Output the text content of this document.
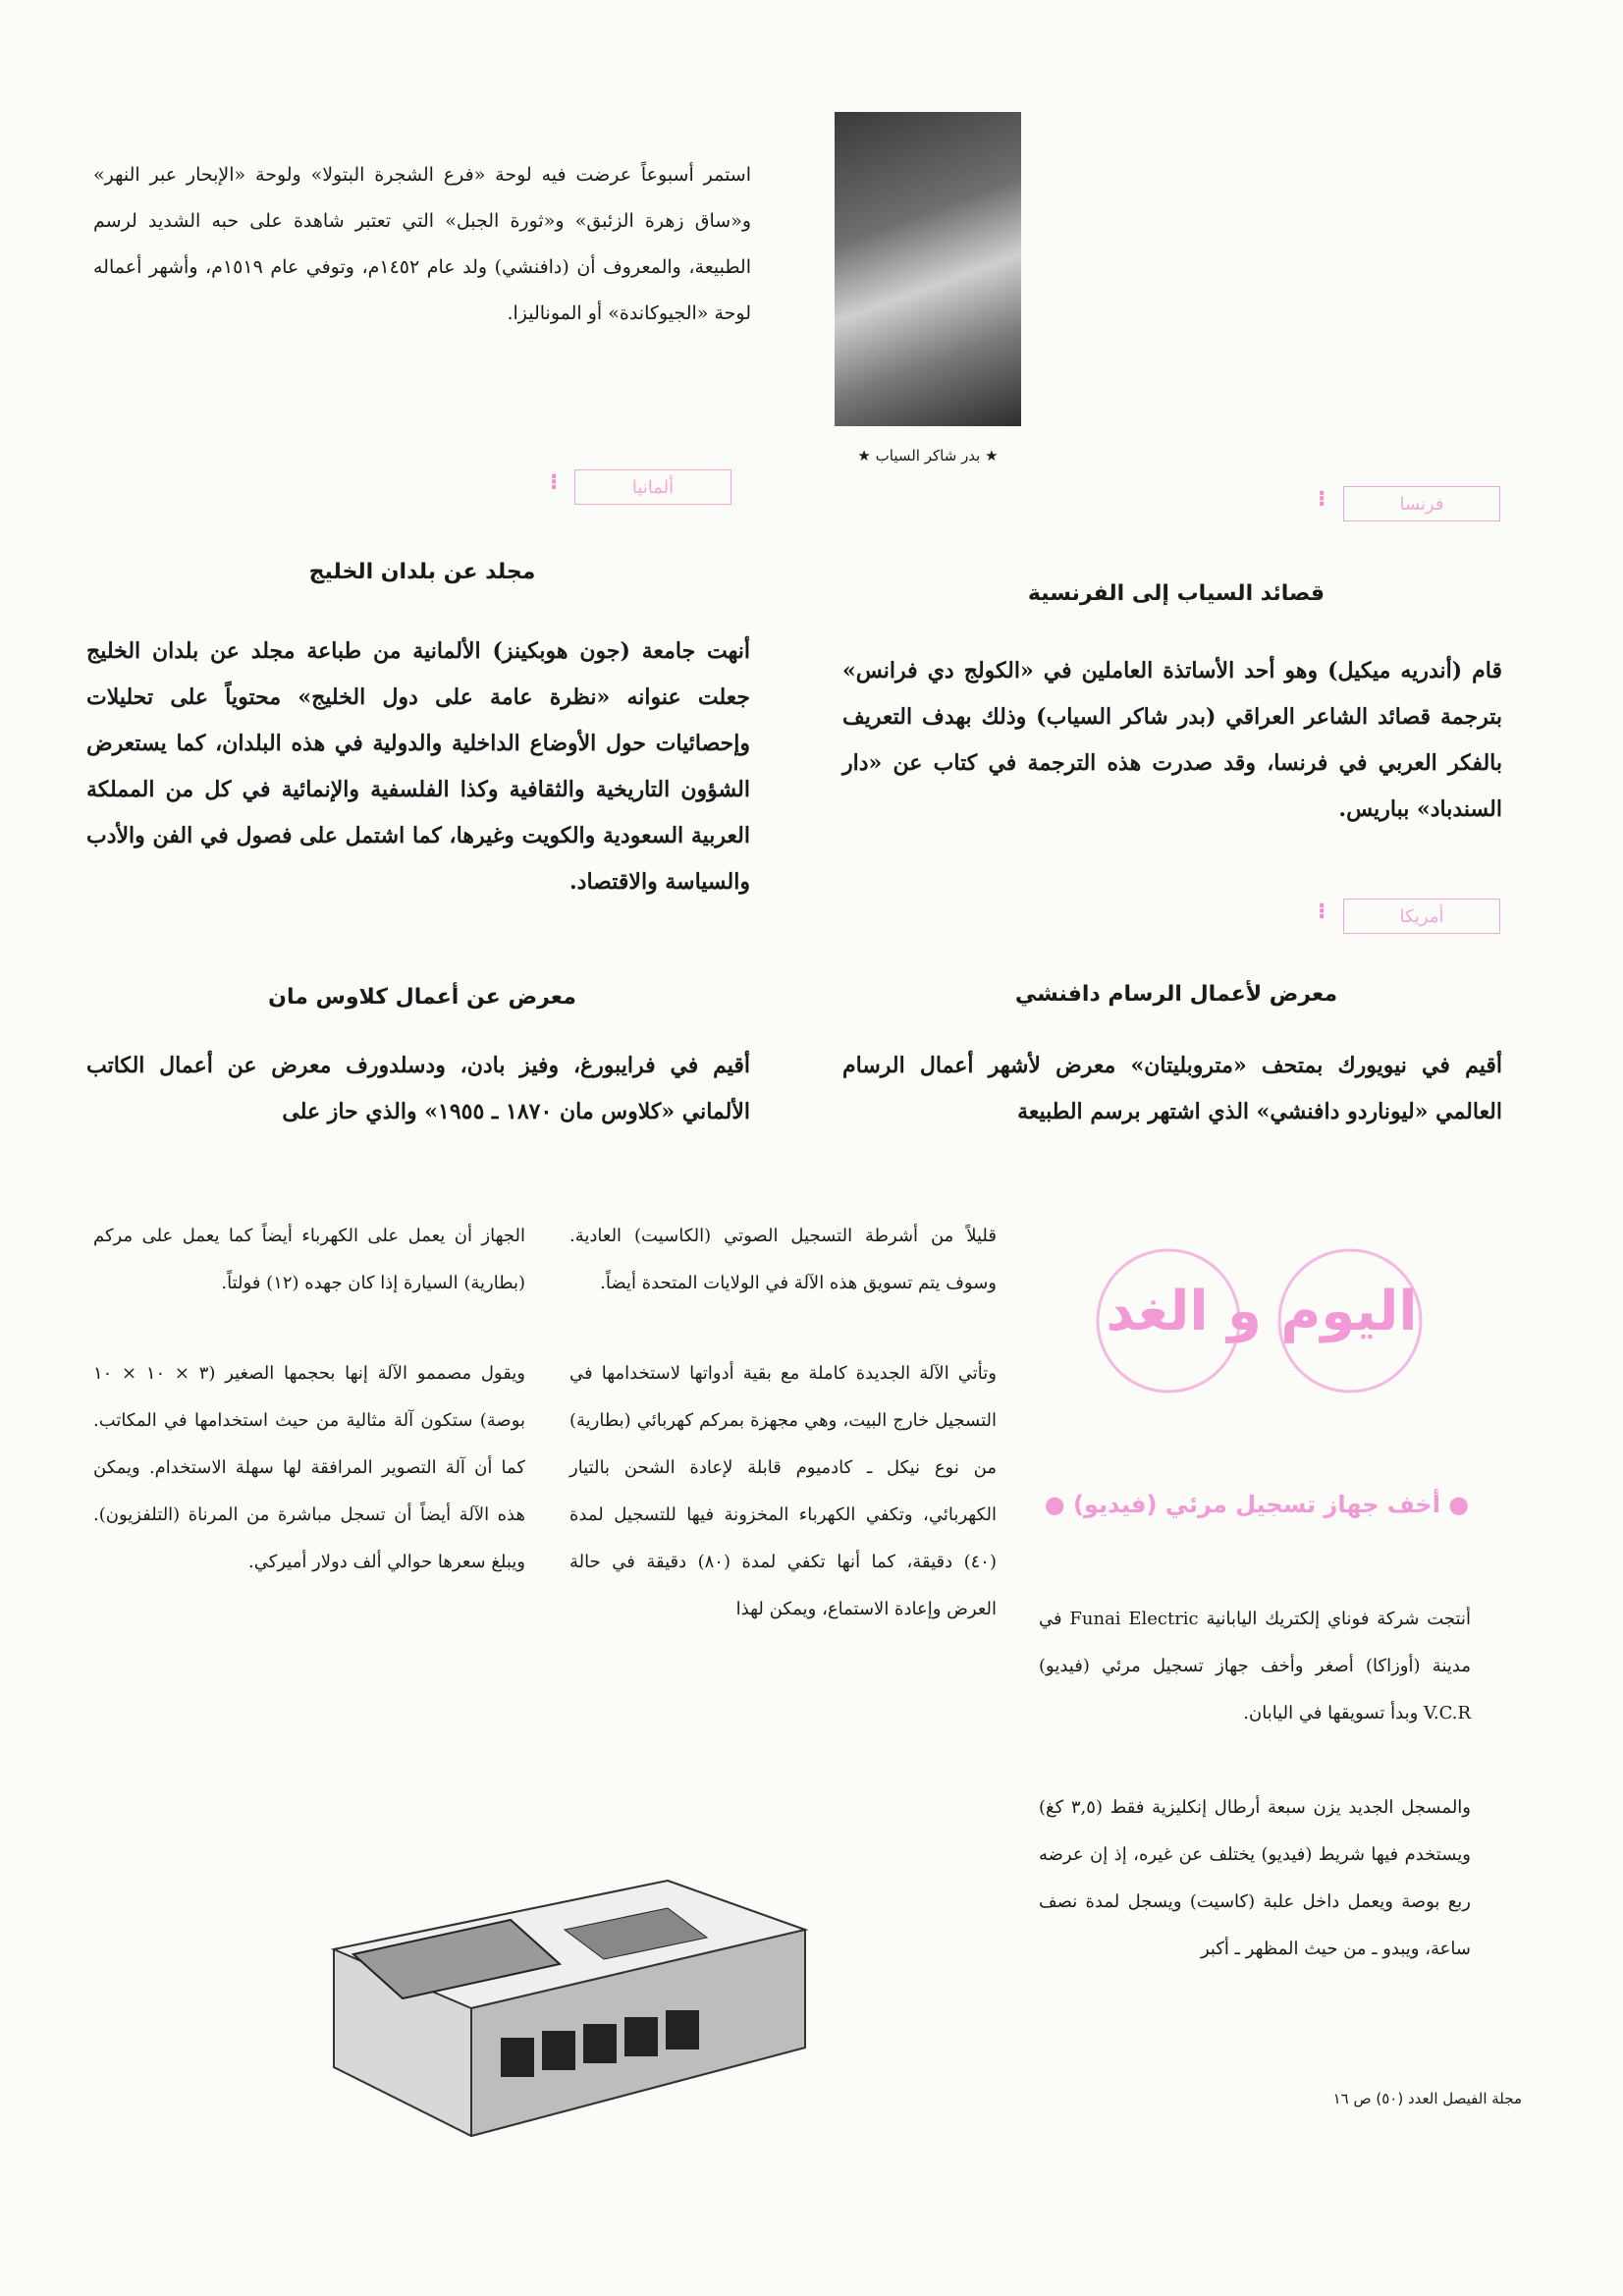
★ بدر شاكر السياب ★
فرنسا
⁝
قصائد السياب إلى الفرنسية

قام (أندريه ميكيل) وهو أحد الأساتذة العاملين في «الكولج دي فرانس» بترجمة قصائد الشاعر العراقي (بدر شاكر السياب) وذلك بهدف التعريف بالفكر العربي في فرنسا، وقد صدرت هذه الترجمة في كتاب عن «دار السندباد» بباريس.

أمريكا
⁝
معرض لأعمال الرسام دافنشي

أقيم في نيويورك بمتحف «متروبليتان» معرض لأشهر أعمال الرسام العالمي «ليوناردو دافنشي» الذي اشتهر برسم الطبيعة

استمر أسبوعاً عرضت فيه لوحة «فرع الشجرة البتولا» ولوحة «الإبحار عبر النهر» و«ساق زهرة الزئبق» و«ثورة الجبل» التي تعتبر شاهدة على حبه الشديد لرسم الطبيعة، والمعروف أن (دافنشي) ولد عام ١٤٥٢م، وتوفي عام ١٥١٩م، وأشهر أعماله لوحة «الجيوكاندة» أو الموناليزا.

ألمانيا
⁝
مجلد عن بلدان الخليج

أنهت جامعة (جون هوبكينز) الألمانية من طباعة مجلد عن بلدان الخليج جعلت عنوانه «نظرة عامة على دول الخليج» محتوياً على تحليلات وإحصائيات حول الأوضاع الداخلية والدولية في هذه البلدان، كما يستعرض الشؤون التاريخية والثقافية وكذا الفلسفية والإنمائية في كل من المملكة العربية السعودية والكويت وغيرها، كما اشتمل على فصول في الفن والأدب والسياسة والاقتصاد.

معرض عن أعمال كلاوس مان

أقيم في فرايبورغ، وفيز بادن، ودسلدورف معرض عن أعمال الكاتب الألماني «كلاوس مان ١٨٧٠ ـ ١٩٥٥» والذي حاز على

اليوم و الغد
● أخف جهاز تسجيل مرئي (فيديو) ●

أنتجت شركة فوناي إلكتريك اليابانية Funai Electric في مدينة (أوزاكا) أصغر وأخف جهاز تسجيل مرئي (فيديو) V.C.R وبدأ تسويقها في اليابان.

والمسجل الجديد يزن سبعة أرطال إنكليزية فقط (٣,٥ كغ) ويستخدم فيها شريط (فيديو) يختلف عن غيره، إذ إن عرضه ربع بوصة ويعمل داخل علبة (كاسيت) ويسجل لمدة نصف ساعة، ويبدو ـ من حيث المظهر ـ أكبر

قليلاً من أشرطة التسجيل الصوتي (الكاسيت) العادية. وسوف يتم تسويق هذه الآلة في الولايات المتحدة أيضاً.

وتأتي الآلة الجديدة كاملة مع بقية أدواتها لاستخدامها في التسجيل خارج البيت، وهي مجهزة بمركم كهربائي (بطارية) من نوع نيكل ـ كادميوم قابلة لإعادة الشحن بالتيار الكهربائي، وتكفي الكهرباء المخزونة فيها للتسجيل لمدة (٤٠) دقيقة، كما أنها تكفي لمدة (٨٠) دقيقة في حالة العرض وإعادة الاستماع، ويمكن لهذا

الجهاز أن يعمل على الكهرباء أيضاً كما يعمل على مركم (بطارية) السيارة إذا كان جهده (١٢) فولتاً.

ويقول مصممو الآلة إنها بحجمها الصغير (٣ × ١٠ × ١٠ بوصة) ستكون آلة مثالية من حيث استخدامها في المكاتب. كما أن آلة التصوير المرافقة لها سهلة الاستخدام. ويمكن هذه الآلة أيضاً أن تسجل مباشرة من المرناة (التلفزيون). ويبلغ سعرها حوالي ألف دولار أميركي.

مجلة الفيصل العدد (٥٠) ص ١٦
